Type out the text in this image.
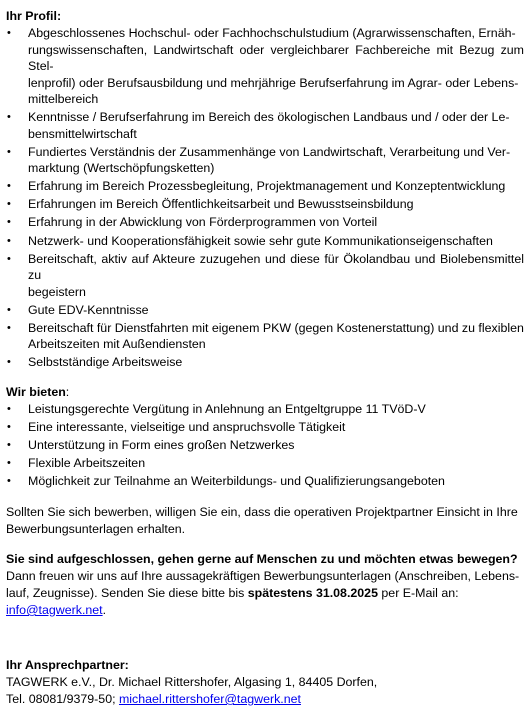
Ihr Profil:
• Abgeschlossenes Hochschul- oder Fachhochschulstudium (Agrarwissenschaften, Ernäh-
rungswissenschaften, Landwirtschaft oder vergleichbarer Fachbereiche mit Bezug zum Stel-
lenprofil) oder Berufsausbildung und mehrjährige Berufserfahrung im Agrar- oder Lebens-
mittelbereich
• Kenntnisse / Berufserfahrung im Bereich des ökologischen Landbaus und / oder der Le-
bensmittelwirtschaft
• Fundiertes Verständnis der Zusammenhänge von Landwirtschaft, Verarbeitung und Ver-
marktung (Wertschöpfungsketten)
• Erfahrung im Bereich Prozessbegleitung, Projektmanagement und Konzeptentwicklung
• Erfahrungen im Bereich Öffentlichkeitsarbeit und Bewusstseinsbildung
• Erfahrung in der Abwicklung von Förderprogrammen von Vorteil
• Netzwerk- und Kooperationsfähigkeit sowie sehr gute Kommunikationseigenschaften
• Bereitschaft, aktiv auf Akteure zuzugehen und diese für Ökolandbau und Biolebensmittel zu
begeistern
• Gute EDV-Kenntnisse
• Bereitschaft für Dienstfahrten mit eigenem PKW (gegen Kostenerstattung) und zu flexiblen
Arbeitszeiten mit Außendiensten
• Selbstständige Arbeitsweise
Wir bieten:
• Leistungsgerechte Vergütung in Anlehnung an Entgeltgruppe 11 TVöD-V
• Eine interessante, vielseitige und anspruchsvolle Tätigkeit
• Unterstützung in Form eines großen Netzwerkes
• Flexible Arbeitszeiten
• Möglichkeit zur Teilnahme an Weiterbildungs- und Qualifizierungsangeboten

Sollten Sie sich bewerben, willigen Sie ein, dass die operativen Projektpartner Einsicht in Ihre

Bewerbungsunterlagen erhalten.

Sie sind aufgeschlossen, gehen gerne auf Menschen zu und möchten etwas bewegen?

Dann freuen wir uns auf Ihre aussagekräftigen Bewerbungsunterlagen (Anschreiben, Lebens-

lauf, Zeugnisse). Senden Sie diese bitte bis spätestens 31.08.2025 per E-Mail an:

info@tagwerk.net.

Ihr Ansprechpartner:

TAGWERK e.V., Dr. Michael Rittershofer, Algasing 1, 84405 Dorfen,

Tel. 08081/9379-50; michael.rittershofer@tagwerk.net
